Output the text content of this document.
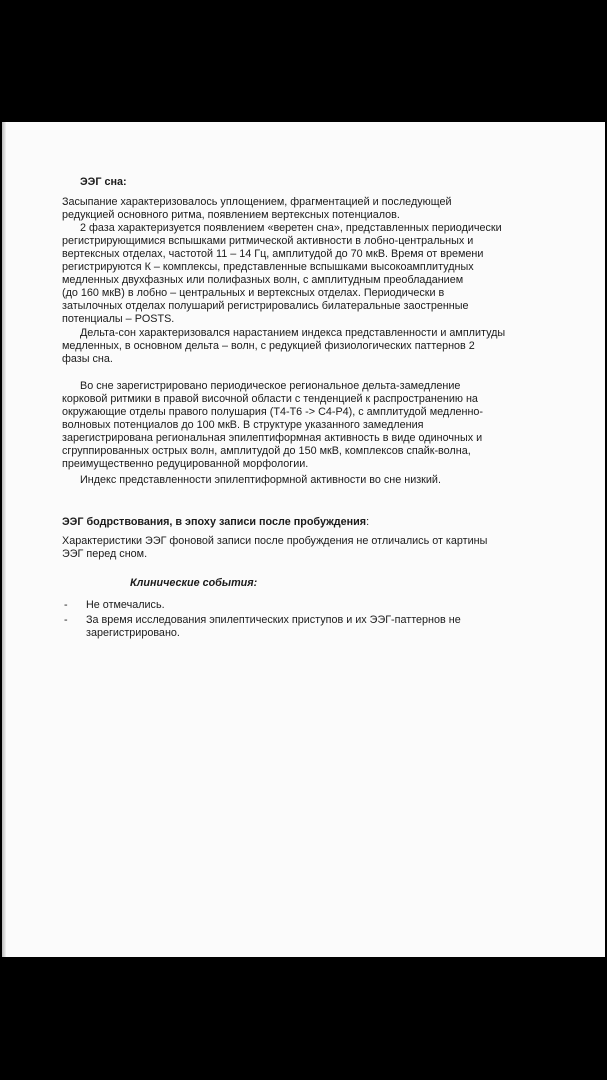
ЭЭГ сна:
Засыпание характеризовалось уплощением, фрагментацией и последующей
редукцией основного ритма, появлением вертексных потенциалов.
2 фаза характеризуется появлением «веретен сна», представленных периодически
регистрирующимися вспышками ритмической активности в лобно-центральных и
вертексных отделах, частотой 11 – 14 Гц, амплитудой до 70 мкВ. Время от времени
регистрируются К – комплексы, представленные вспышками высокоамплитудных
медленных двухфазных или полифазных волн, с амплитудным преобладанием
(до 160 мкВ) в лобно – центральных и вертексных отделах. Периодически в
затылочных отделах полушарий регистрировались билатеральные заостренные
потенциалы – POSTS.
Дельта-сон характеризовался нарастанием индекса представленности и амплитуды
медленных, в основном дельта – волн, с редукцией физиологических паттернов 2
фазы сна.
Во сне зарегистрировано периодическое региональное дельта-замедление
корковой ритмики в правой височной области с тенденцией к распространению на
окружающие отделы правого полушария (T4-T6 -> C4-P4), с амплитудой медленно-
волновых потенциалов до 100 мкВ. В структуре указанного замедления
зарегистрирована региональная эпилептиформная активность в виде одиночных и
сгруппированных острых волн, амплитудой до 150 мкВ, комплексов спайк-волна,
преимущественно редуцированной морфологии.
Индекс представленности эпилептиформной активности во сне низкий.
ЭЭГ бодрствования, в эпоху записи после пробуждения:
Характеристики ЭЭГ фоновой записи после пробуждения не отличались от картины
ЭЭГ перед сном.
Клинические события:
- Не отмечались.
- За время исследования эпилептических приступов и их ЭЭГ-паттернов не
зарегистрировано.
